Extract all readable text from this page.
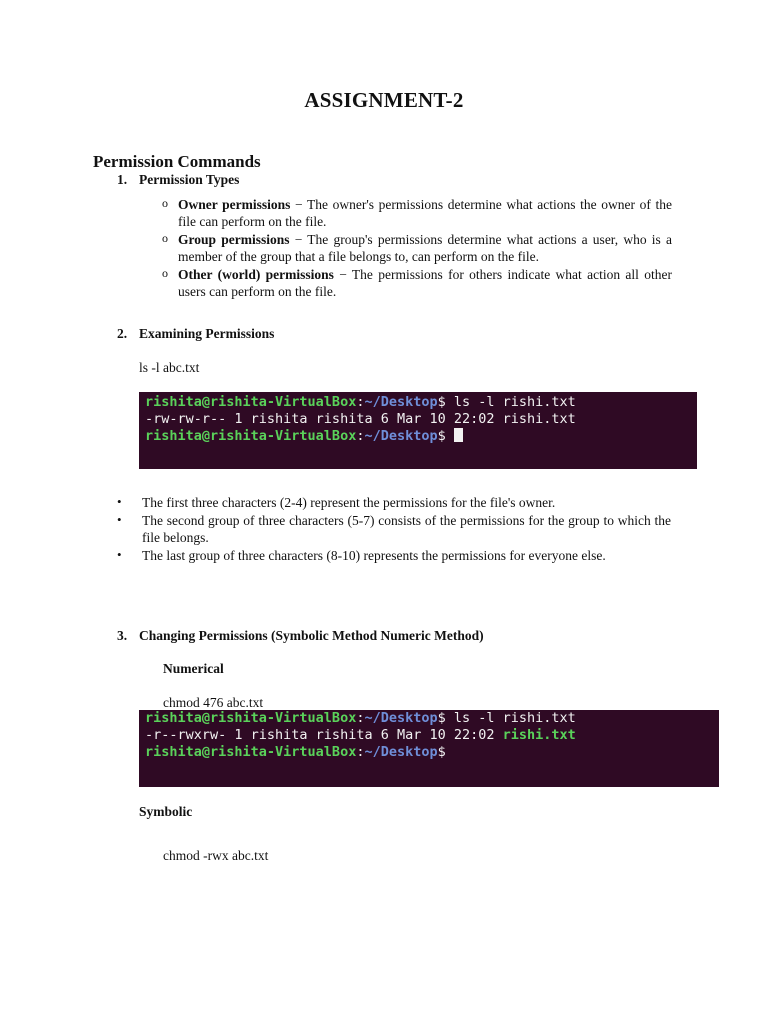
ASSIGNMENT-2
Permission Commands
1. Permission Types
o Owner permissions − The owner's permissions determine what actions the owner of the file can perform on the file.
o Group permissions − The group's permissions determine what actions a user, who is a member of the group that a file belongs to, can perform on the file.
o Other (world) permissions − The permissions for others indicate what action all other users can perform on the file.
2. Examining Permissions
ls -l abc.txt
rishita@rishita-VirtualBox:~/Desktop$ ls -l rishi.txt
-rw-rw-r-- 1 rishita rishita 6 Mar 10 22:02 rishi.txt
rishita@rishita-VirtualBox:~/Desktop$
•	The first three characters (2-4) represent the permissions for the file's owner.
•	The second group of three characters (5-7) consists of the permissions for the group to which the file belongs.
•	The last group of three characters (8-10) represents the permissions for everyone else.
3. Changing Permissions (Symbolic Method Numeric Method)
Numerical
chmod 476 abc.txt
rishita@rishita-VirtualBox:~/Desktop$ ls -l rishi.txt
-r--rwxrw- 1 rishita rishita 6 Mar 10 22:02 rishi.txt
rishita@rishita-VirtualBox:~/Desktop$
Symbolic
chmod -rwx abc.txt
